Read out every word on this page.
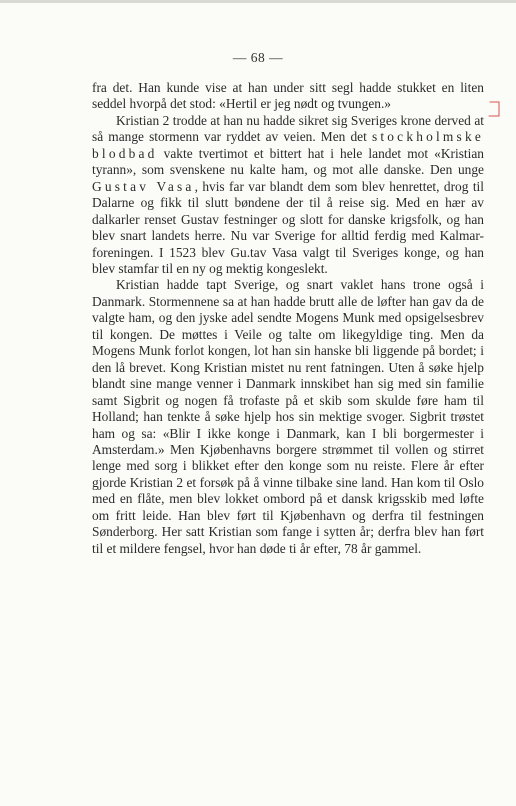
— 68 —

fra det. Han kunde vise at han under sitt segl hadde stukket en liten seddel hvorpå det stod: «Hertil er jeg nødt og tvungen.»

Kristian 2 trodde at han nu hadde sikret sig Sveriges krone derved at så mange stormenn var ryddet av veien. Men det stockholmske blodbad vakte tvertimot et bittert hat i hele landet mot «Kristian tyrann», som svenskene nu kalte ham, og mot alle danske. Den unge Gustav Vasa, hvis far var blandt dem som blev henrettet, drog til Dalarne og fikk til slutt bøndene der til å reise sig. Med en hær av dalkarler renset Gustav festninger og slott for danske krigsfolk, og han blev snart landets herre. Nu var Sverige for alltid ferdig med Kalmar-foreningen. I 1523 blev Gu.tav Vasa valgt til Sveriges konge, og han blev stamfar til en ny og mektig kongeslekt.

Kristian hadde tapt Sverige, og snart vaklet hans trone også i Danmark. Stormennene sa at han hadde brutt alle de løfter han gav da de valgte ham, og den jyske adel sendte Mogens Munk med opsigelsesbrev til kongen. De møttes i Veile og talte om likegyldige ting. Men da Mogens Munk forlot kongen, lot han sin hanske bli liggende på bordet; i den lå brevet. Kong Kristian mistet nu rent fatningen. Uten å søke hjelp blandt sine mange venner i Danmark innskibet han sig med sin familie samt Sigbrit og nogen få trofaste på et skib som skulde føre ham til Holland; han tenkte å søke hjelp hos sin mektige svoger. Sigbrit trøstet ham og sa: «Blir I ikke konge i Danmark, kan I bli borgermester i Amsterdam.» Men Kjøbenhavns borgere strømmet til vollen og stirret lenge med sorg i blikket efter den konge som nu reiste. Flere år efter gjorde Kristian 2 et forsøk på å vinne tilbake sine land. Han kom til Oslo med en flåte, men blev lokket ombord på et dansk krigsskib med løfte om fritt leide. Han blev ført til Kjøbenhavn og derfra til festningen Sønderborg. Her satt Kristian som fange i sytten år; derfra blev han ført til et mildere fengsel, hvor han døde ti år efter, 78 år gammel.
